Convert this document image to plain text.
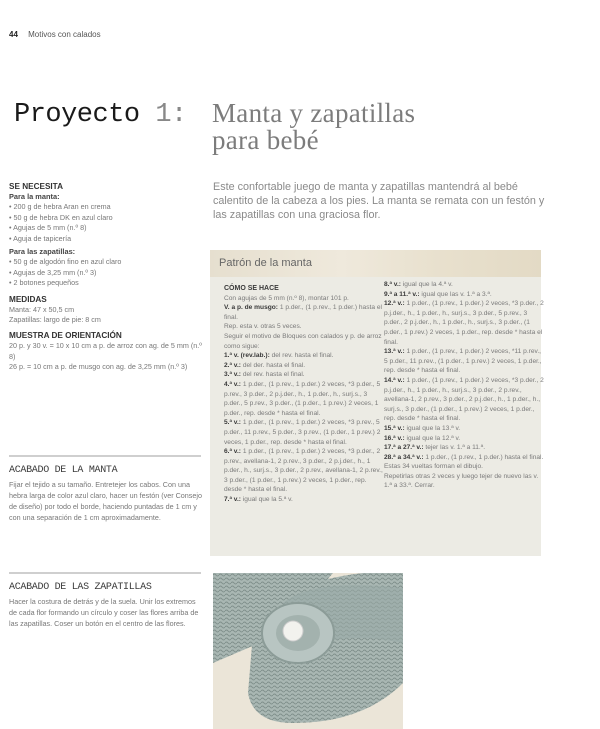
44 Motivos con calados
Proyecto 1: Manta y zapatillas
para bebé
SE NECESITA
Para la manta:
• 200 g de hebra Aran en crema
• 50 g de hebra DK en azul claro
• Agujas de 5 mm (n.º 8)
• Aguja de tapicería
Para las zapatillas:
• 50 g de algodón fino en azul claro
• Agujas de 3,25 mm (n.º 3)
• 2 botones pequeños
MEDIDAS
Manta: 47 x 50,5 cm
Zapatillas: largo de pie: 8 cm
MUESTRA DE ORIENTACIÓN
20 p. y 30 v. = 10 x 10 cm a p. de arroz con ag. de 5 mm (n.º 8)
26 p. = 10 cm a p. de musgo con ag. de 3,25 mm (n.º 3)
ACABADO DE LA MANTA
Fijar el tejido a su tamaño. Entretejer los cabos. Con una hebra larga de color azul claro, hacer un festón (ver Consejo de diseño) por todo el borde, haciendo puntadas de 1 cm y con una separación de 1 cm aproximadamente.
ACABADO DE LAS ZAPATILLAS
Hacer la costura de detrás y de la suela. Unir los extremos de cada flor formando un círculo y coser las flores arriba de las zapatillas. Coser un botón en el centro de las flores.
Este confortable juego de manta y zapatillas mantendrá al bebé calentito de la cabeza a los pies. La manta se remata con un festón y las zapatillas con una graciosa flor.
Patrón de la manta
CÓMO SE HACE
Con agujas de 5 mm (n.º 8), montar 101 p.
V. a p. de musgo: 1 p.der., (1 p.rev., 1 p.der.) hasta el final.
Rep. esta v. otras 5 veces.
Seguir el motivo de Bloques con calados y p. de arroz como sigue:
1.ª v. (rev.lab.): del rev. hasta el final.
2.ª v.: del der. hasta el final.
3.ª v.: del rev. hasta el final.
4.ª v.: 1 p.der., (1 p.rev., 1 p.der.) 2 veces, *3 p.der., 5 p.rev., 3 p.der., 2 p.j.der., h., 1 p.der., h., surj.s., 3 p.der., 5 p.rev., 3 p.der., (1 p.der., 1 p.rev.) 2 veces, 1 p.der., rep. desde * hasta el final.
5.ª v.: 1 p.der., (1 p.rev., 1 p.der.) 2 veces, *3 p.rev., 5 p.der., 11 p.rev., 5 p.der., 3 p.rev., (1 p.der., 1 p.rev.) 2 veces, 1 p.der., rep. desde * hasta el final.
6.ª v.: 1 p.der., (1 p.rev., 1 p.der.) 2 veces, *3 p.der., 2 p.rev., avellana-1, 2 p.rev., 3 p.der., 2 p.j.der., h., 1 p.der., h., surj.s., 3 p.der., 2 p.rev., avellana-1, 2 p.rev., 3 p.der., (1 p.der., 1 p.rev.) 2 veces, 1 p.der., rep. desde * hasta el final.
7.ª v.: igual que la 5.ª v.
8.ª v.: igual que la 4.ª v.
9.ª a 11.ª v.: igual que las v. 1.ª a 3.ª.
12.ª v.: 1 p.der., (1 p.rev., 1 p.der.) 2 veces, *3 p.der., 2 p.j.der., h., 1 p.der., h., surj.s., 3 p.der., 5 p.rev., 3 p.der., 2 p.j.der., h., 1 p.der., h., surj.s., 3 p.der., (1 p.der., 1 p.rev.) 2 veces, 1 p.der., rep. desde * hasta el final.
13.ª v.: 1 p.der., (1 p.rev., 1 p.der.) 2 veces, *11 p.rev., 5 p.der., 11 p.rev., (1 p.der., 1 p.rev.) 2 veces, 1 p.der., rep. desde * hasta el final.
14.ª v.: 1 p.der., (1 p.rev., 1 p.der.) 2 veces, *3 p.der., 2 p.j.der., h., 1 p.der., h., surj.s., 3 p.der., 2 p.rev., avellana-1, 2 p.rev., 3 p.der., 2 p.j.der., h., 1 p.der., h., surj.s., 3 p.der., (1 p.der., 1 p.rev.) 2 veces, 1 p.der., rep. desde * hasta el final.
15.ª v.: igual que la 13.ª v.
16.ª v.: igual que la 12.ª v.
17.ª a 27.ª v.: tejer las v. 1.ª a 11.ª.
28.ª a 34.ª v.: 1 p.der., (1 p.rev., 1 p.der.) hasta el final.
Estas 34 vueltas forman el dibujo.
Repetirlas otras 2 veces y luego tejer de nuevo las v. 1.ª a 33.ª. Cerrar.
